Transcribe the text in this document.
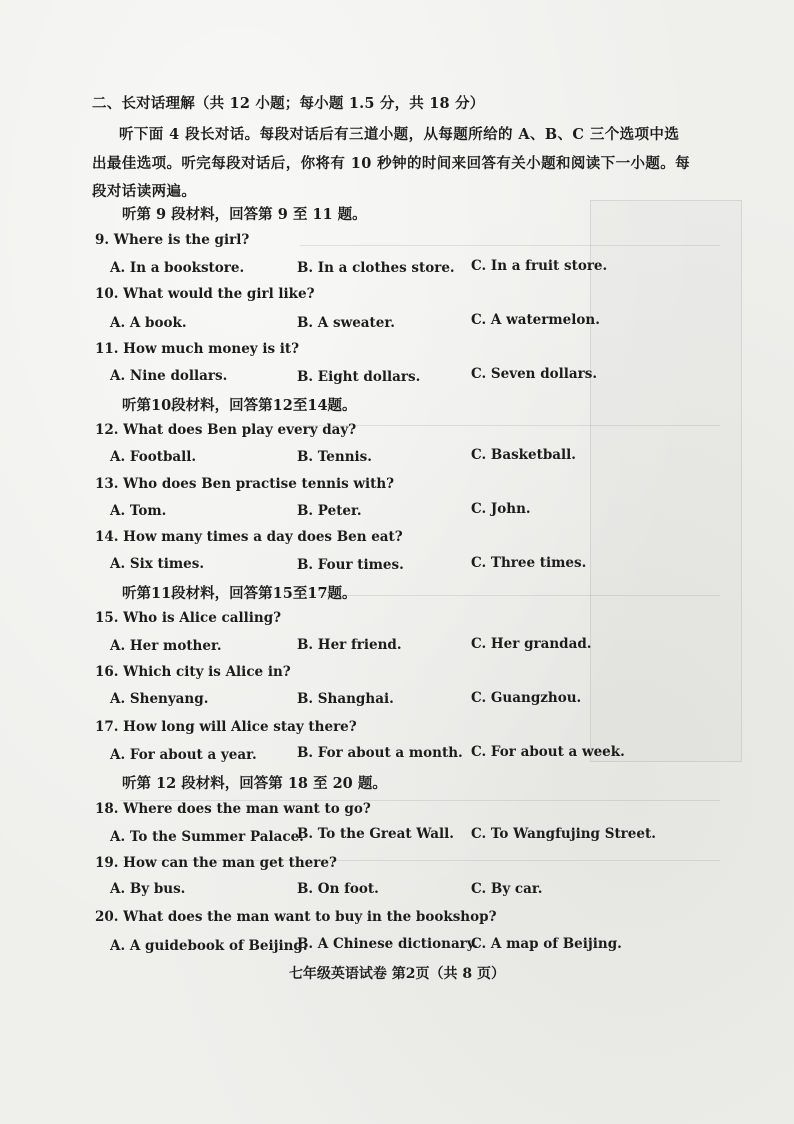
二、长对话理解（共 12 小题；每小题 1.5 分，共 18 分）
听下面 4 段长对话。每段对话后有三道小题，从每题所给的 A、B、C 三个选项中选出最佳选项。听完每段对话后，你将有 10 秒钟的时间来回答有关小题和阅读下一小题。每段对话读两遍。
听第 9 段材料，回答第 9 至 11 题。
9. Where is the girl?
A. In a bookstore.	B. In a clothes store. C. In a fruit store.
10. What would the girl like?
A. A book.	B. A sweater.	C. A watermelon.
11. How much money is it?
A. Nine dollars.	B. Eight dollars.	C. Seven dollars.
听第10段材料，回答第12至14题。
12. What does Ben play every day?
A. Football.	B. Tennis.	C. Basketball.
13. Who does Ben practise tennis with?
A. Tom.	B. Peter.	C. John.
14. How many times a day does Ben eat?
A. Six times.	B. Four times.	C. Three times.
听第11段材料，回答第15至17题。
15. Who is Alice calling?
A. Her mother.	B. Her friend.	C. Her grandad.
16. Which city is Alice in?
A. Shenyang.	B. Shanghai.	C. Guangzhou.
17. How long will Alice stay there?
A. For about a year.	B. For about a month. C. For about a week.
听第 12 段材料，回答第 18 至 20 题。
18. Where does the man want to go?
A. To the Summer Palace.
B. To the Great Wall. C. To Wangfujing Street.
19. How can the man get there?
A. By bus.	B. On foot.	C. By car.
20. What does the man want to buy in the bookshop?
A. A guidebook of Beijing.
B. A Chinese dictionary.
C. A map of Beijing.
七年级英语试卷 第2页（共 8 页）
